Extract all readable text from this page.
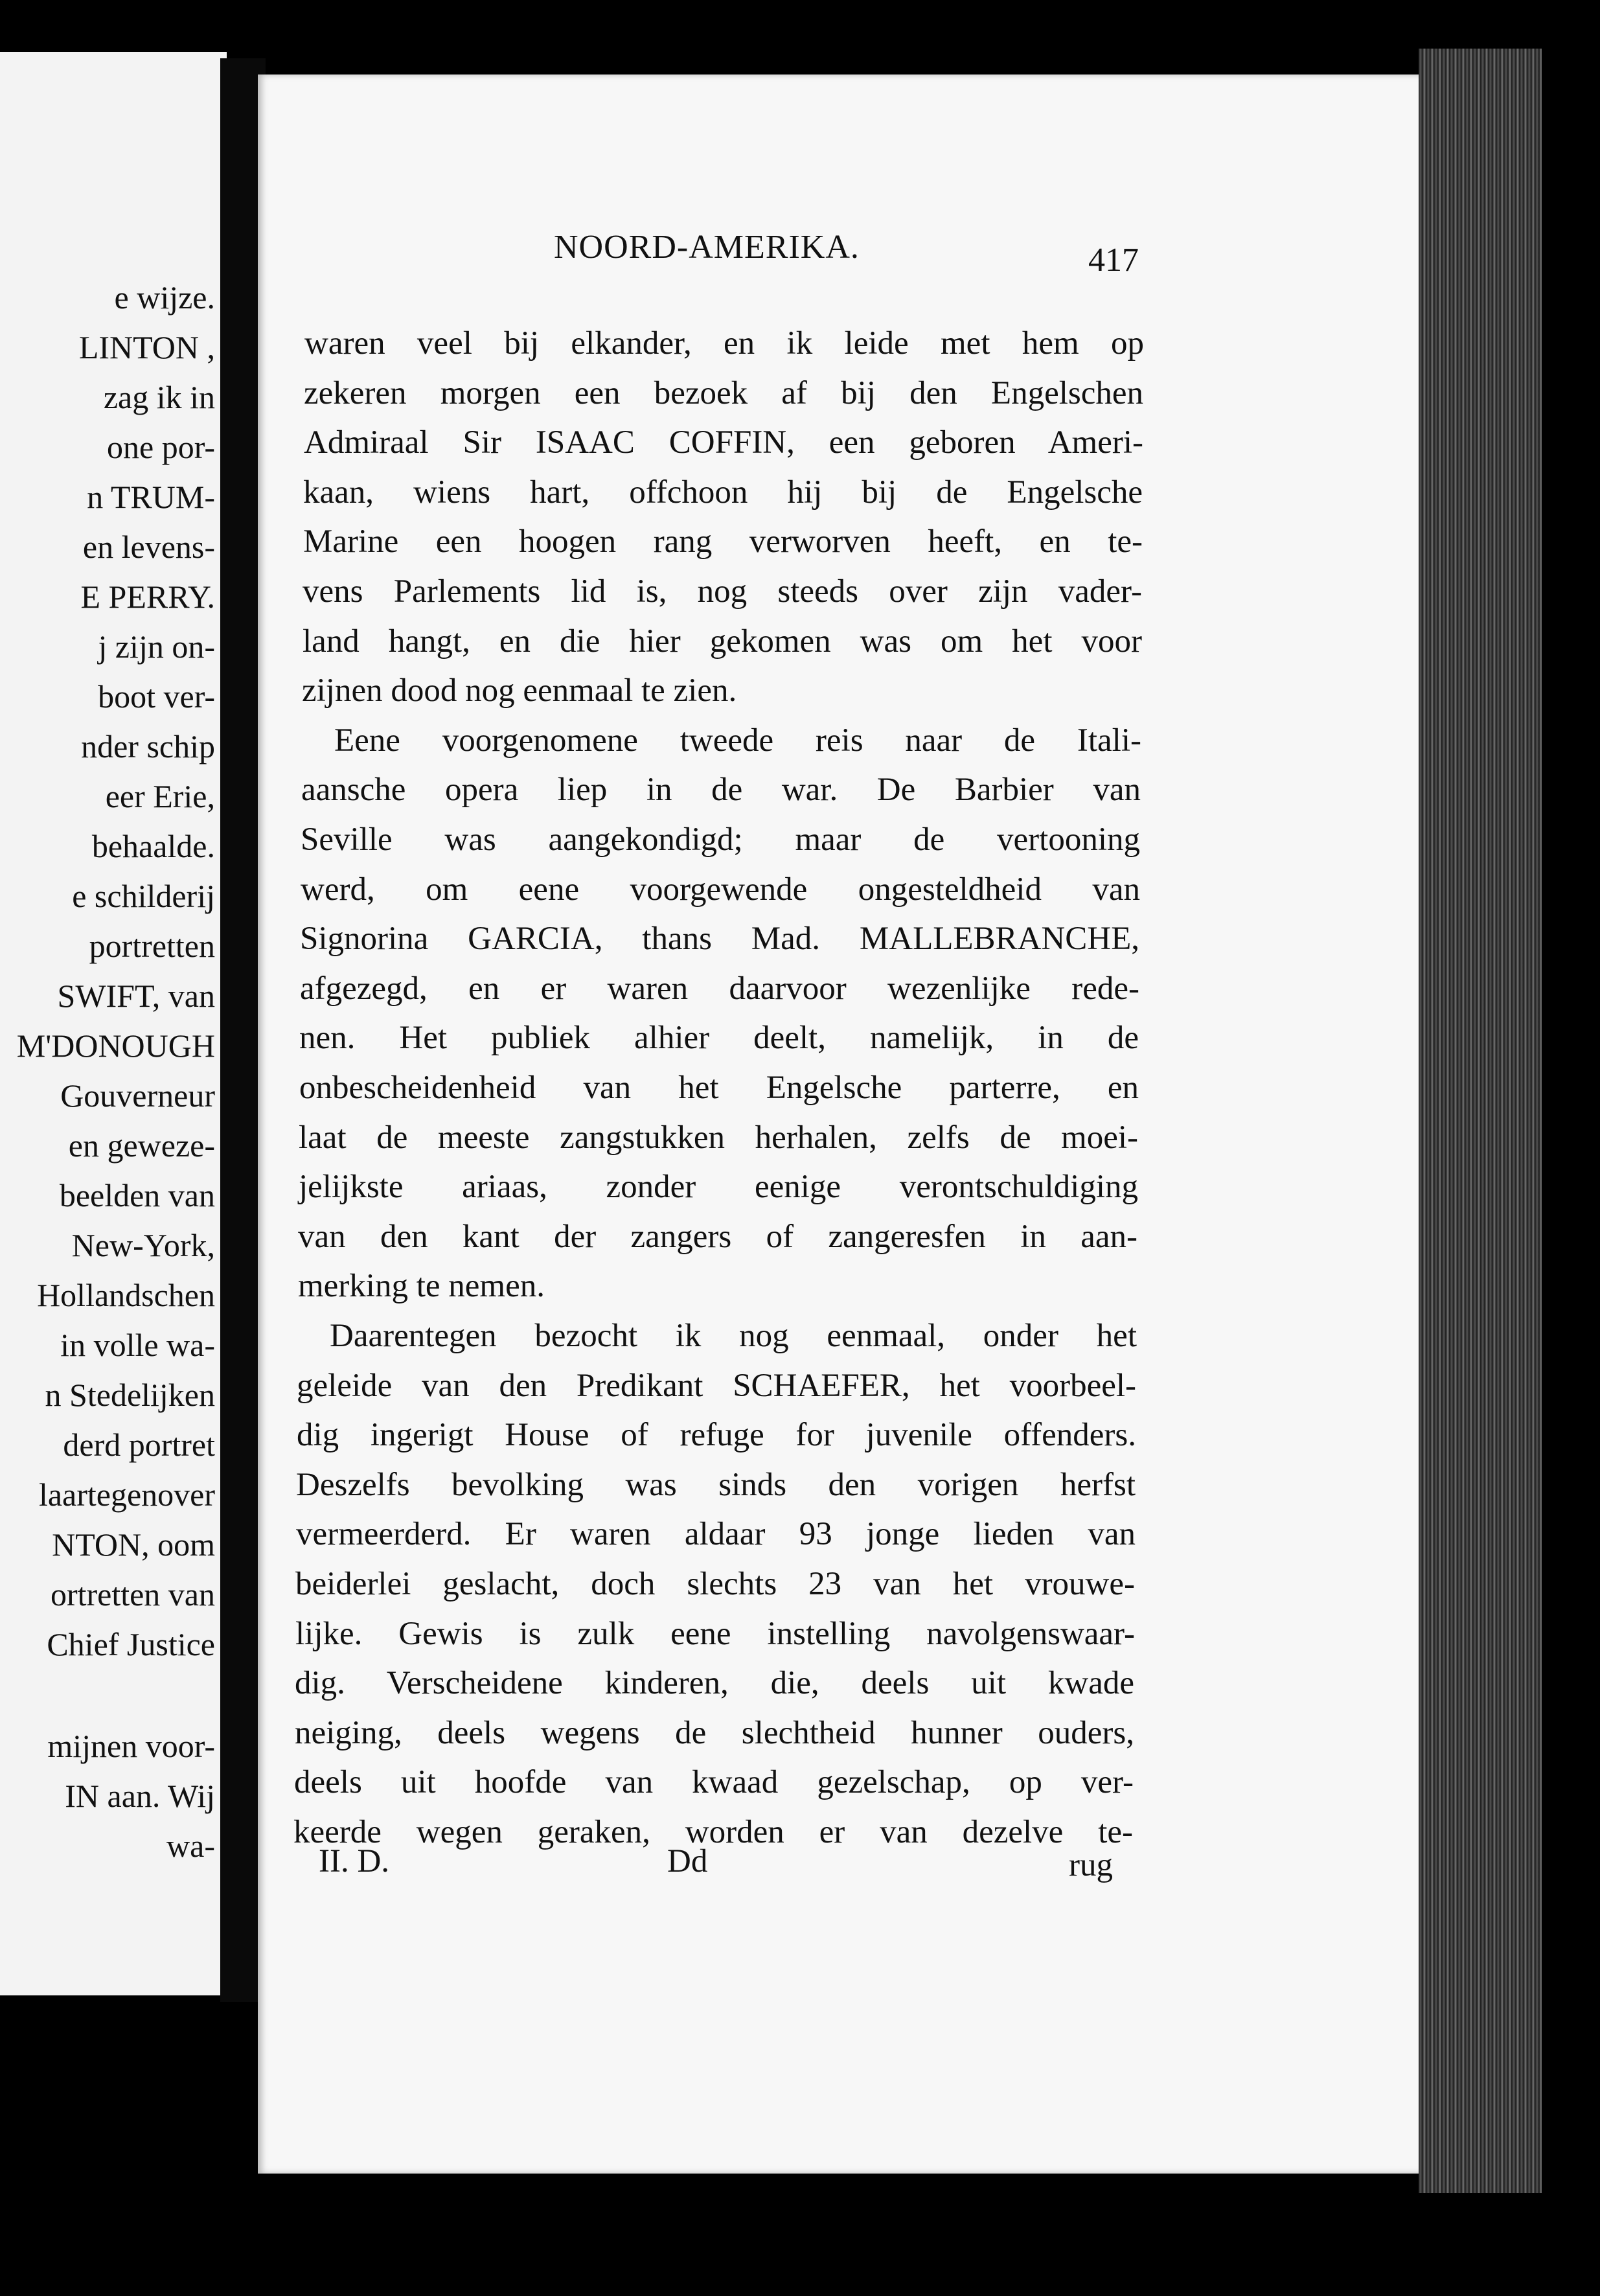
e wijze.
LINTON ,
zag ik in
one por-
n TRUM-
en levens-
E PERRY.
j zijn on-
boot ver-
nder schip
eer Erie,
behaalde.
e schilderij
portretten
SWIFT, van
M'DONOUGH
Gouverneur
en geweze-
beelden van
New-York,
Hollandschen
in volle wa-
n Stedelijken
derd portret
laartegenover
NTON, oom
ortretten van
Chief Justice
mijnen voor-
IN aan. Wij
wa-
NOORD-AMERIKA.	417
waren veel bij elkander, en ik leide met hem op
zekeren morgen een bezoek af bij den Engelschen
Admiraal Sir ISAAC COFFIN, een geboren Ameri-
kaan, wiens hart, offchoon hij bij de Engelsche
Marine een hoogen rang verworven heeft, en te-
vens Parlements lid is, nog steeds over zijn vader-
land hangt, en die hier gekomen was om het voor
zijnen dood nog eenmaal te zien.
Eene voorgenomene tweede reis naar de Itali-
aansche opera liep in de war. De Barbier van
Seville was aangekondigd; maar de vertooning
werd, om eene voorgewende ongesteldheid van
Signorina GARCIA, thans Mad. MALLEBRANCHE,
afgezegd, en er waren daarvoor wezenlijke rede-
nen. Het publiek alhier deelt, namelijk, in de
onbescheidenheid van het Engelsche parterre, en
laat de meeste zangstukken herhalen, zelfs de moei-
jelijkste ariaas, zonder eenige verontschuldiging
van den kant der zangers of zangeresfen in aan-
merking te nemen.
Daarentegen bezocht ik nog eenmaal, onder het
geleide van den Predikant SCHAEFER, het voorbeel-
dig ingerigt House of refuge for juvenile offenders.
Deszelfs bevolking was sinds den vorigen herfst
vermeerderd. Er waren aldaar 93 jonge lieden van
beiderlei geslacht, doch slechts 23 van het vrouwe-
lijke. Gewis is zulk eene instelling navolgenswaar-
dig. Verscheidene kinderen, die, deels uit kwade
neiging, deels wegens de slechtheid hunner ouders,
deels uit hoofde van kwaad gezelschap, op ver-
keerde wegen geraken, worden er van dezelve te-
II. D.	Dd	rug
